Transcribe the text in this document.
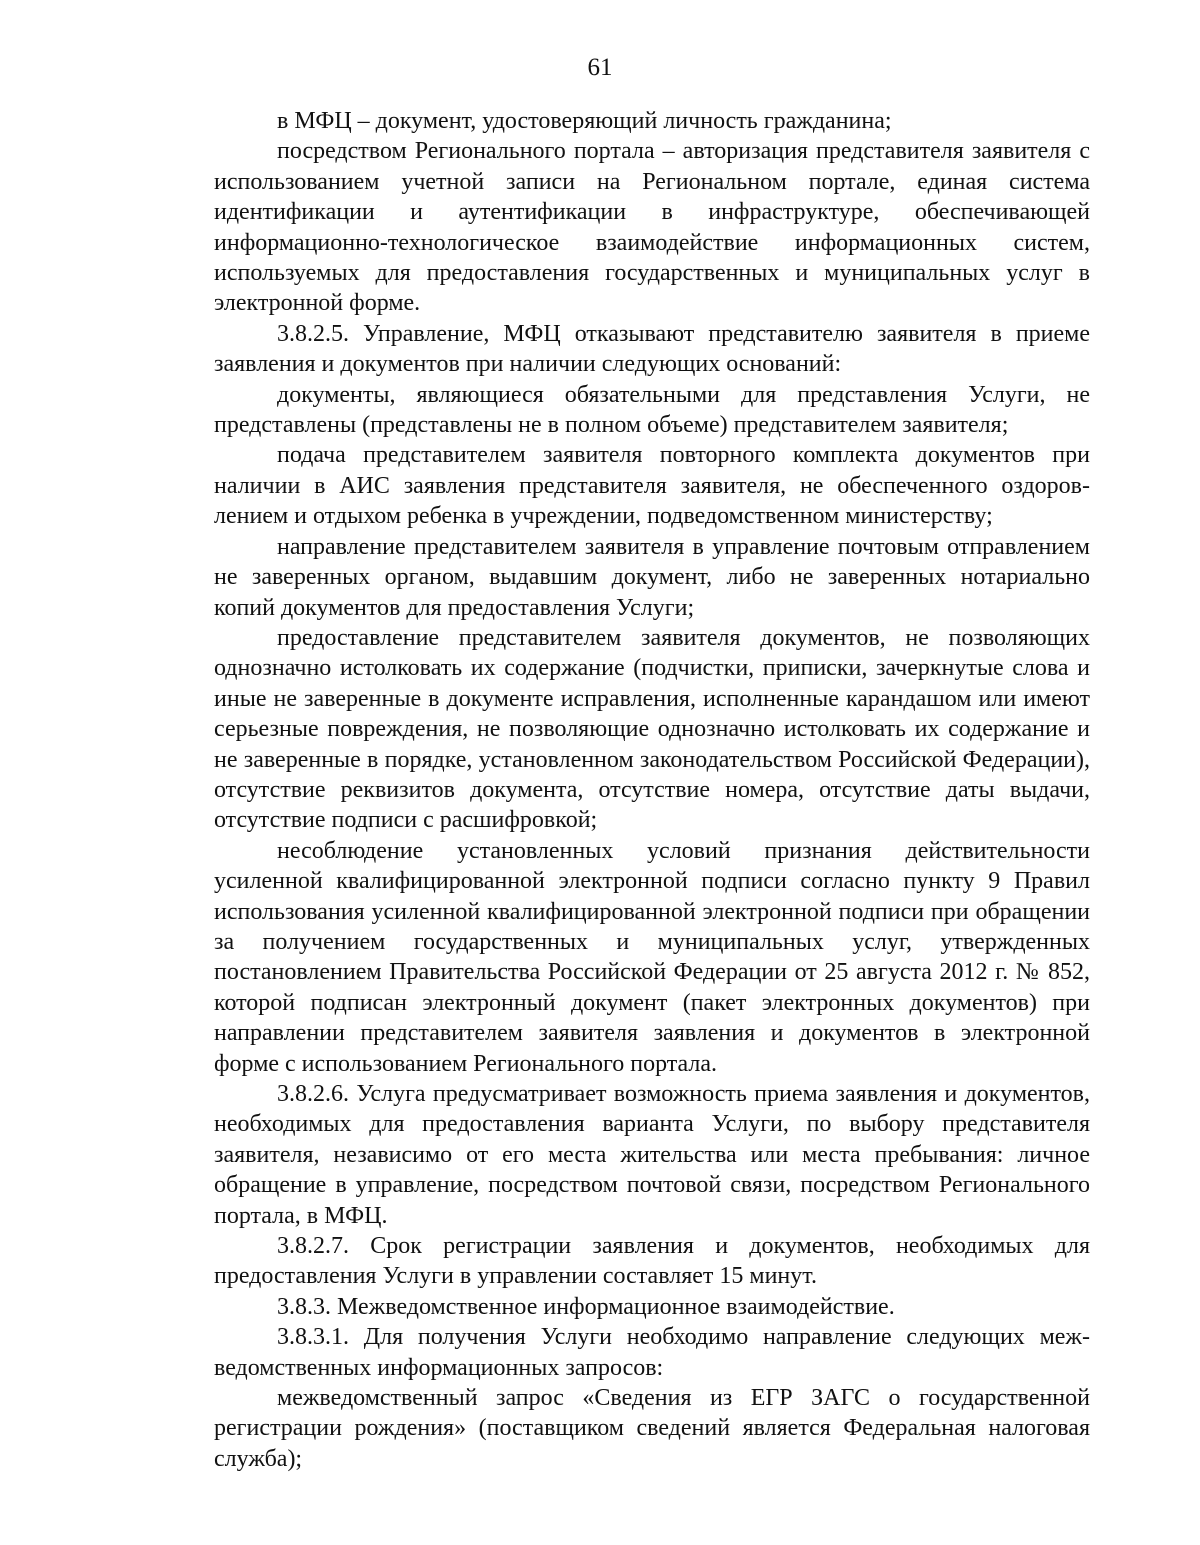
61

в МФЦ – документ, удостоверяющий личность гражданина;

посредством Регионального портала – авторизация представителя заявителя с использованием учетной записи на Региональном портале, единая система идентификации и аутентификации в инфраструктуре, обеспечивающей информационно-технологическое взаимодействие информационных систем, используемых для предоставления государственных и муниципальных услуг в электронной форме.

3.8.2.5. Управление, МФЦ отказывают представителю заявителя в приеме заявления и документов при наличии следующих оснований:

документы, являющиеся обязательными для представления Услуги, не представлены (представлены не в полном объеме) представителем заявителя;

подача представителем заявителя повторного комплекта документов при наличии в АИС заявления представителя заявителя, не обеспеченного оздоровлением и отдыхом ребенка в учреждении, подведомственном министерству;

направление представителем заявителя в управление почтовым отправлением не заверенных органом, выдавшим документ, либо не заверенных нотариально копий документов для предоставления Услуги;

предоставление представителем заявителя документов, не позволяющих однозначно истолковать их содержание (подчистки, приписки, зачеркнутые слова и иные не заверенные в документе исправления, исполненные карандашом или имеют серьезные повреждения, не позволяющие однозначно истолковать их содержание и не заверенные в порядке, установленном законодательством Российской Федерации), отсутствие реквизитов документа, отсутствие номера, отсутствие даты выдачи, отсутствие подписи с расшифровкой;

несоблюдение установленных условий признания действительности усиленной квалифицированной электронной подписи согласно пункту 9 Правил использования усиленной квалифицированной электронной подписи при обращении за получением государственных и муниципальных услуг, утвержденных постановлением Правительства Российской Федерации от 25 августа 2012 г. № 852, которой подписан электронный документ (пакет электронных документов) при направлении представителем заявителя заявления и документов в электронной форме с использованием Регионального портала.

3.8.2.6. Услуга предусматривает возможность приема заявления и документов, необходимых для предоставления варианта Услуги, по выбору представителя заявителя, независимо от его места жительства или места пребывания: личное обращение в управление, посредством почтовой связи, посредством Регионального портала, в МФЦ.

3.8.2.7. Срок регистрации заявления и документов, необходимых для предоставления Услуги в управлении составляет 15 минут.

3.8.3. Межведомственное информационное взаимодействие.

3.8.3.1. Для получения Услуги необходимо направление следующих межведомственных информационных запросов:

межведомственный запрос «Сведения из ЕГР ЗАГС о государственной регистрации рождения» (поставщиком сведений является Федеральная налоговая служба);
